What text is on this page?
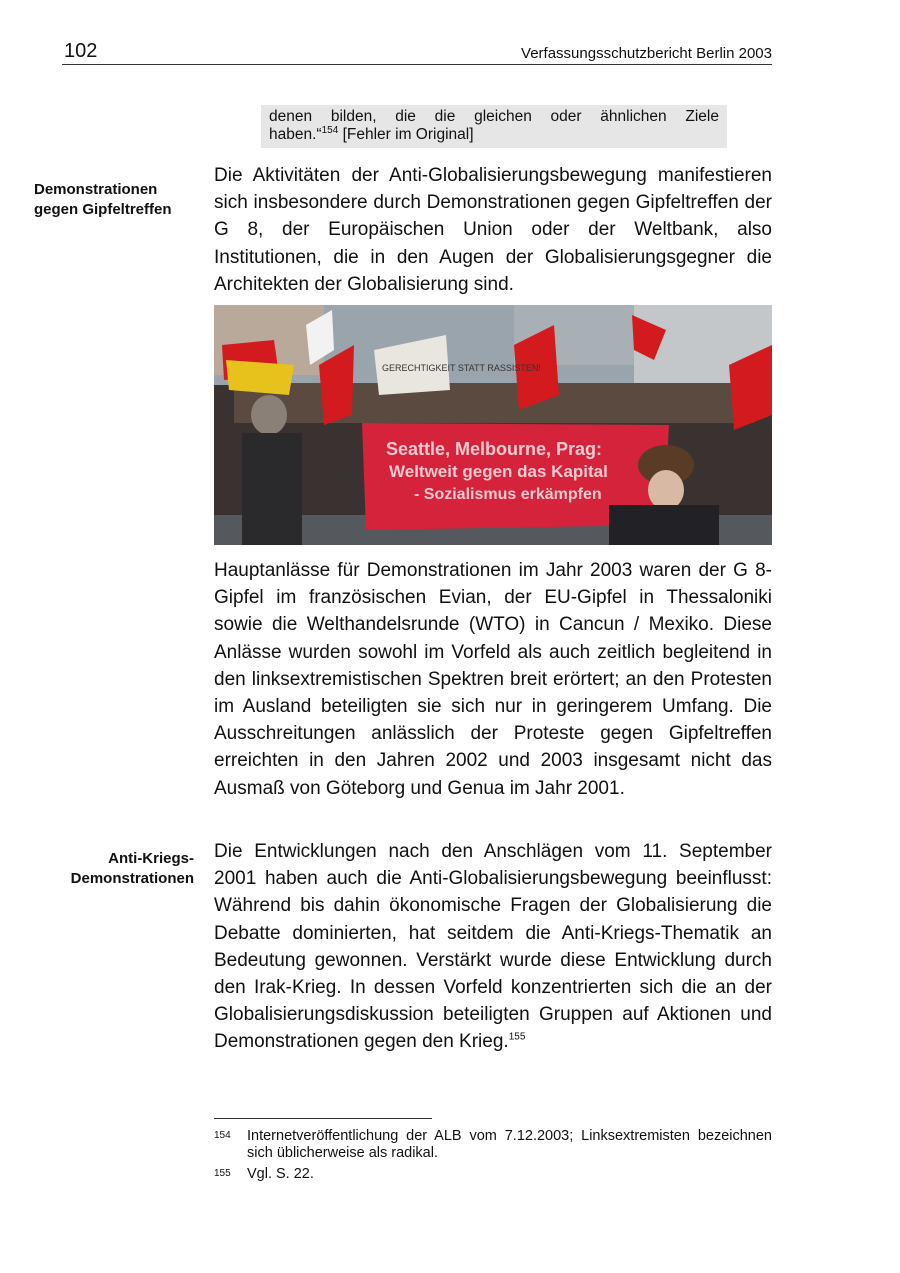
102	Verfassungsschutzbericht Berlin 2003
denen bilden, die die gleichen oder ähnlichen Ziele
haben.“$^{154}$ [Fehler im Original]
Demonstrationen
gegen Gipfeltreffen
Die Aktivitäten der Anti-Globalisierungsbewegung manifestieren sich insbesondere durch Demonstrationen gegen Gipfeltreffen der G 8, der Europäischen Union oder der Weltbank, also Institutionen, die in den Augen der Globalisierungsgegner die Architekten der Globalisierung sind.
GERECHTIGKEIT STATT RASSISTEN!
Seattle, Melbourne, Prag:
Weltweit gegen das Kapital
- Sozialismus erkämpfen
Hauptanlässe für Demonstrationen im Jahr 2003 waren der G 8-Gipfel im französischen Evian, der EU-Gipfel in Thessaloniki sowie die Welthandelsrunde (WTO) in Cancun / Mexiko. Diese Anlässe wurden sowohl im Vorfeld als auch zeitlich begleitend in den linksextremistischen Spektren breit erörtert; an den Protesten im Ausland beteiligten sie sich nur in geringerem Umfang. Die Ausschreitungen anlässlich der Proteste gegen Gipfeltreffen erreichten in den Jahren 2002 und 2003 insgesamt nicht das Ausmaß von Göteborg und Genua im Jahr 2001.
Anti-Kriegs-
Demonstrationen
Die Entwicklungen nach den Anschlägen vom 11. September 2001 haben auch die Anti-Globalisierungsbewegung beeinflusst: Während bis dahin ökonomische Fragen der Globalisierung die Debatte dominierten, hat seitdem die Anti-Kriegs-Thematik an Bedeutung gewonnen. Verstärkt wurde diese Entwicklung durch den Irak-Krieg. In dessen Vorfeld konzentrierten sich die an der Globalisierungsdiskussion beteiligten Gruppen auf Aktionen und Demonstrationen gegen den Krieg.$^{155}$
154 Internetveröffentlichung der ALB vom 7.12.2003; Linksextremisten bezeichnen sich üblicherweise als radikal.
155 Vgl. S. 22.
